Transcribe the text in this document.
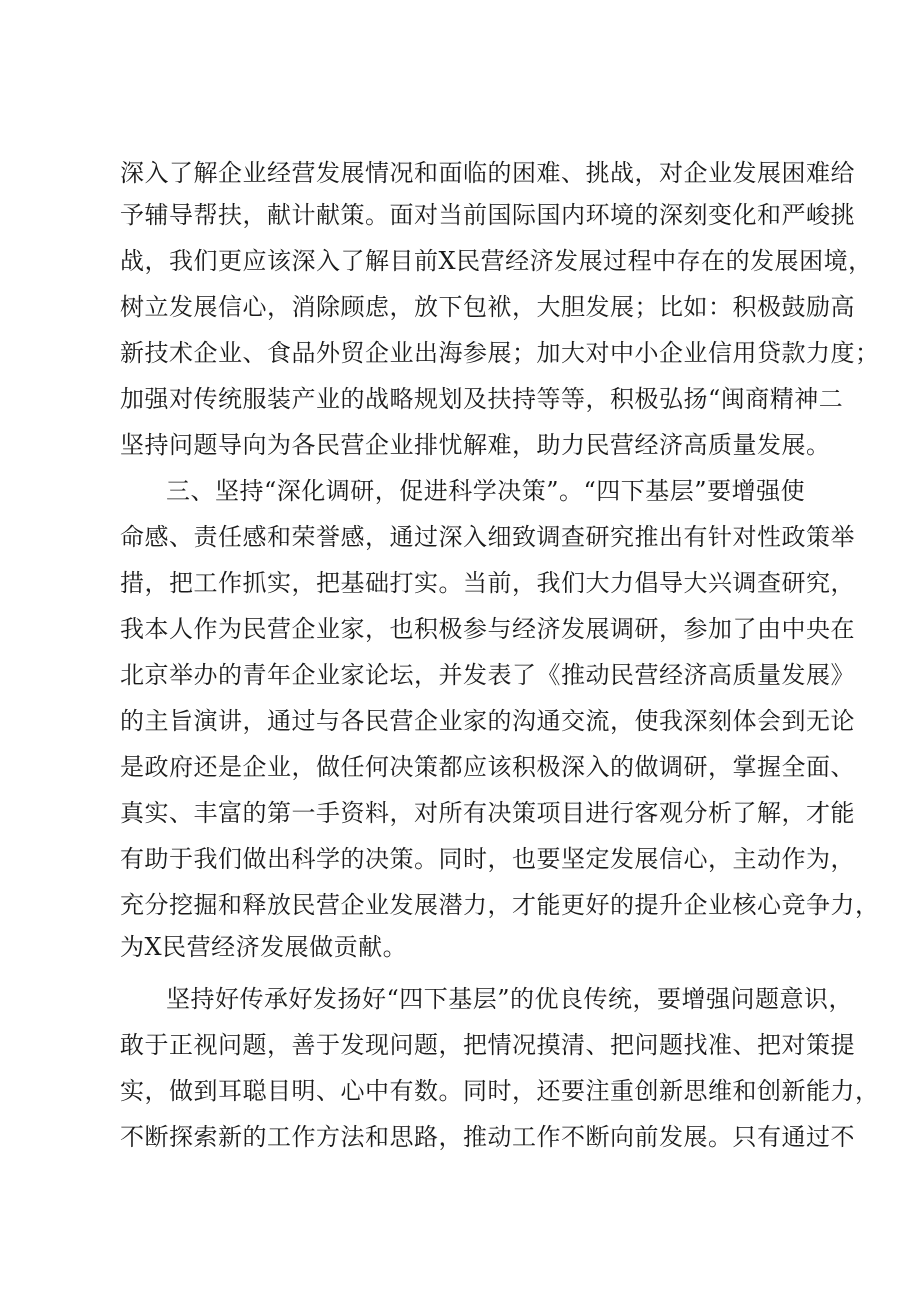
深入了解企业经营发展情况和面临的困难、挑战，对企业发展困难给
予辅导帮扶，献计献策。面对当前国际国内环境的深刻变化和严峻挑
战，我们更应该深入了解目前X民营经济发展过程中存在的发展困境，
树立发展信心，消除顾虑，放下包袱，大胆发展；比如：积极鼓励高
新技术企业、食品外贸企业出海参展；加大对中小企业信用贷款力度；
加强对传统服装产业的战略规划及扶持等等，积极弘扬“闽商精神二
坚持问题导向为各民营企业排忧解难，助力民营经济高质量发展。
三、坚持“深化调研，促进科学决策”。“四下基层”要增强使
命感、责任感和荣誉感，通过深入细致调查研究推出有针对性政策举
措，把工作抓实，把基础打实。当前，我们大力倡导大兴调查研究，
我本人作为民营企业家，也积极参与经济发展调研，参加了由中央在
北京举办的青年企业家论坛，并发表了《推动民营经济高质量发展》
的主旨演讲，通过与各民营企业家的沟通交流，使我深刻体会到无论
是政府还是企业，做任何决策都应该积极深入的做调研，掌握全面、
真实、丰富的第一手资料，对所有决策项目进行客观分析了解，才能
有助于我们做出科学的决策。同时，也要坚定发展信心，主动作为，
充分挖掘和释放民营企业发展潜力，才能更好的提升企业核心竞争力，
为X民营经济发展做贡献。
坚持好传承好发扬好“四下基层”的优良传统，要增强问题意识，
敢于正视问题，善于发现问题，把情况摸清、把问题找准、把对策提
实，做到耳聪目明、心中有数。同时，还要注重创新思维和创新能力，
不断探索新的工作方法和思路，推动工作不断向前发展。只有通过不
